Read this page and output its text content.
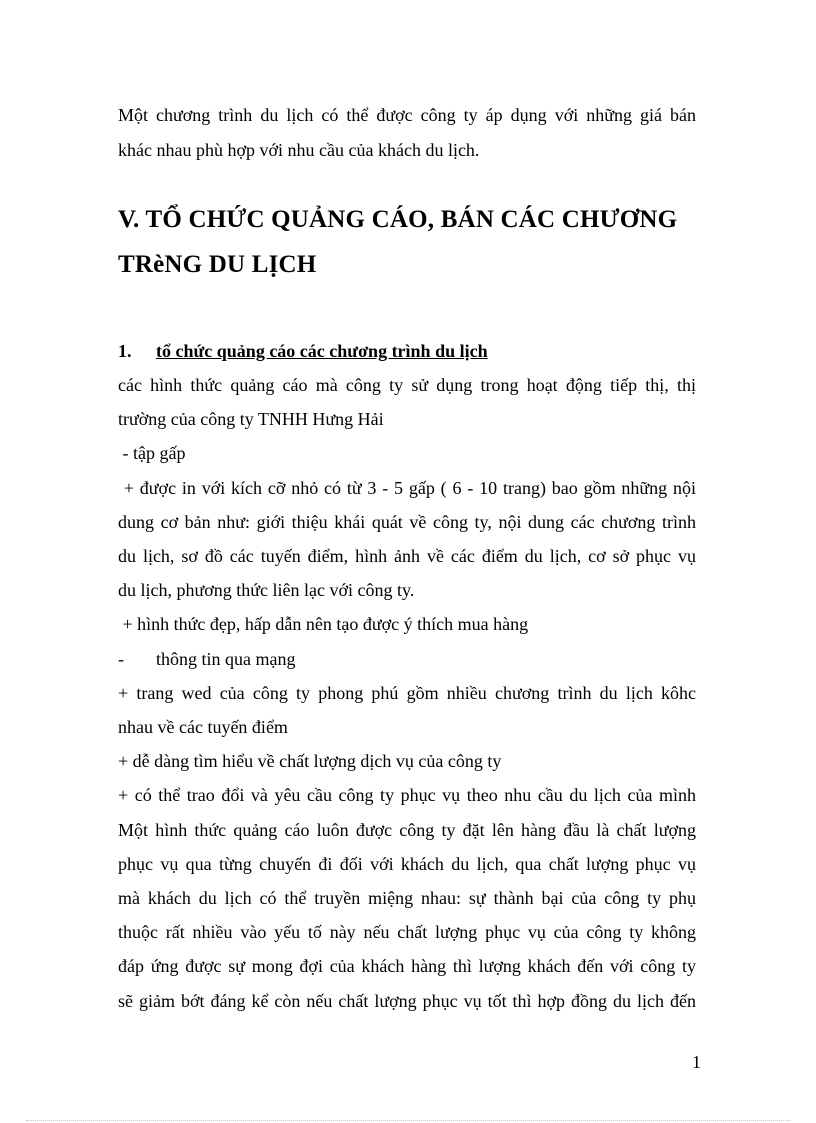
Một chương trình du lịch có thể được công ty áp dụng với những giá bán
khác nhau phù hợp với nhu cầu của khách du lịch.
V. TỔ CHỨC QUẢNG CÁO, BÁN CÁC CHƯƠNG
TRèNG DU LỊCH
1. tổ chức quảng cáo các chương trình du lịch
các hình thức quảng cáo mà công ty sử dụng trong hoạt động tiếp thị, thị
trường của công ty TNHH Hưng Hải
- tập gấp
+ được in với kích cỡ nhỏ có từ 3 - 5 gấp ( 6 - 10 trang) bao gồm những nội
dung cơ bản như: giới thiệu khái quát về công ty, nội dung các chương trình
du lịch, sơ đồ các tuyến điểm, hình ảnh về các điểm du lịch, cơ sở phục vụ
du lịch, phương thức liên lạc với công ty.
+ hình thức đẹp, hấp dẫn nên tạo được ý thích mua hàng
- thông tin qua mạng
+ trang wed của công ty phong phú gồm nhiều chương trình du lịch kôhc
nhau về các tuyến điểm
+ dễ dàng tìm hiểu về chất lượng dịch vụ của công ty
+ có thể trao đổi và yêu cầu công ty phục vụ theo nhu cầu du lịch của mình
Một hình thức quảng cáo luôn được công ty đặt lên hàng đầu là chất lượng
phục vụ qua từng chuyến đi đối với khách du lịch, qua chất lượng phục vụ
mà khách du lịch có thể truyền miệng nhau: sự thành bại của công ty phụ
thuộc rất nhiều vào yếu tố này nếu chất lượng phục vụ của công ty không
đáp ứng được sự mong đợi của khách hàng thì lượng khách đến với công ty
sẽ giảm bớt đáng kể còn nếu chất lượng phục vụ tốt thì hợp đồng du lịch đến
1
